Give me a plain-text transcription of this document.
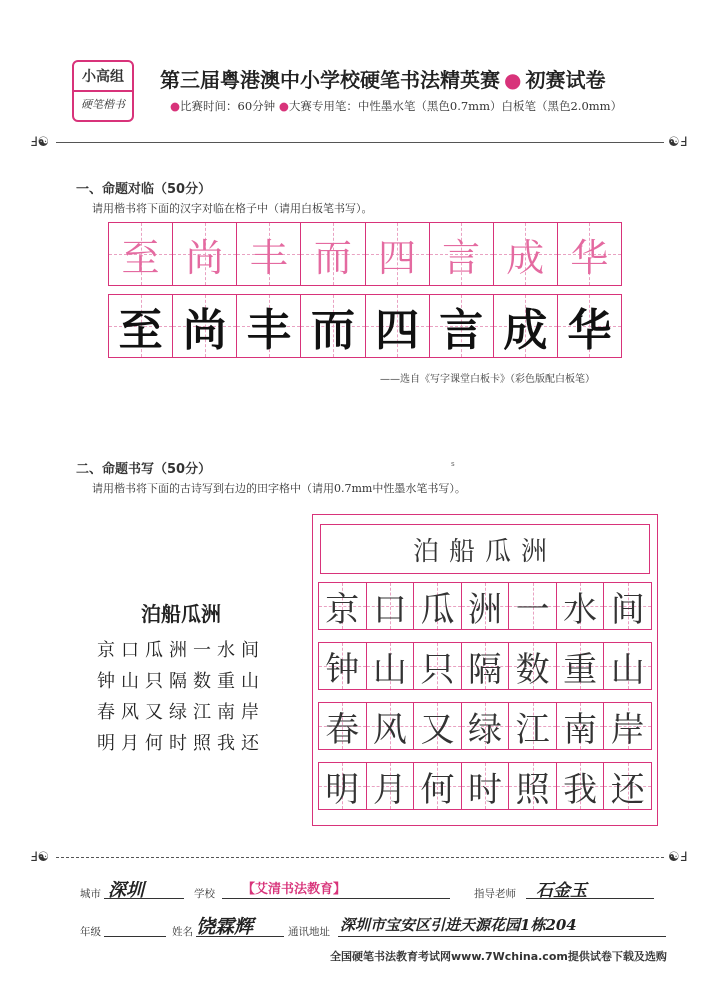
小高组
硬笔楷书
第三届粤港澳中小学校硬笔书法精英赛 ● 初赛试卷
●比赛时间：60分钟 ●大赛专用笔：中性墨水笔（黑色0.7mm）白板笔（黑色2.0mm）
Ⅎ☯	☯Ⅎ
一、命题对临（50分）
请用楷书将下面的汉字对临在格子中（请用白板笔书写）。
至 尚 丰 而 四 言 成 华
至 尚 丰 而 四 言 成 华
——选自《写字课堂白板卡》（彩色版配白板笔）
s
二、命题书写（50分）
请用楷书将下面的古诗写到右边的田字格中（请用0.7mm中性墨水笔书写）。
泊船瓜洲
京口瓜洲一水间
钟山只隔数重山
春风又绿江南岸
明月何时照我还
泊船瓜洲
京 口 瓜 洲 一 水 间
钟 山 只 隔 数 重 山
春 风 又 绿 江 南 岸
明 月 何 时 照 我 还
Ⅎ☯	☯Ⅎ
城市 深圳	学校 【艾清书法教育】	指导老师 石金玉
年级	姓名 饶霖辉	通讯地址 深圳市宝安区引进天源花园1栋204
全国硬笔书法教育考试网www.7Wchina.com提供试卷下载及选购
